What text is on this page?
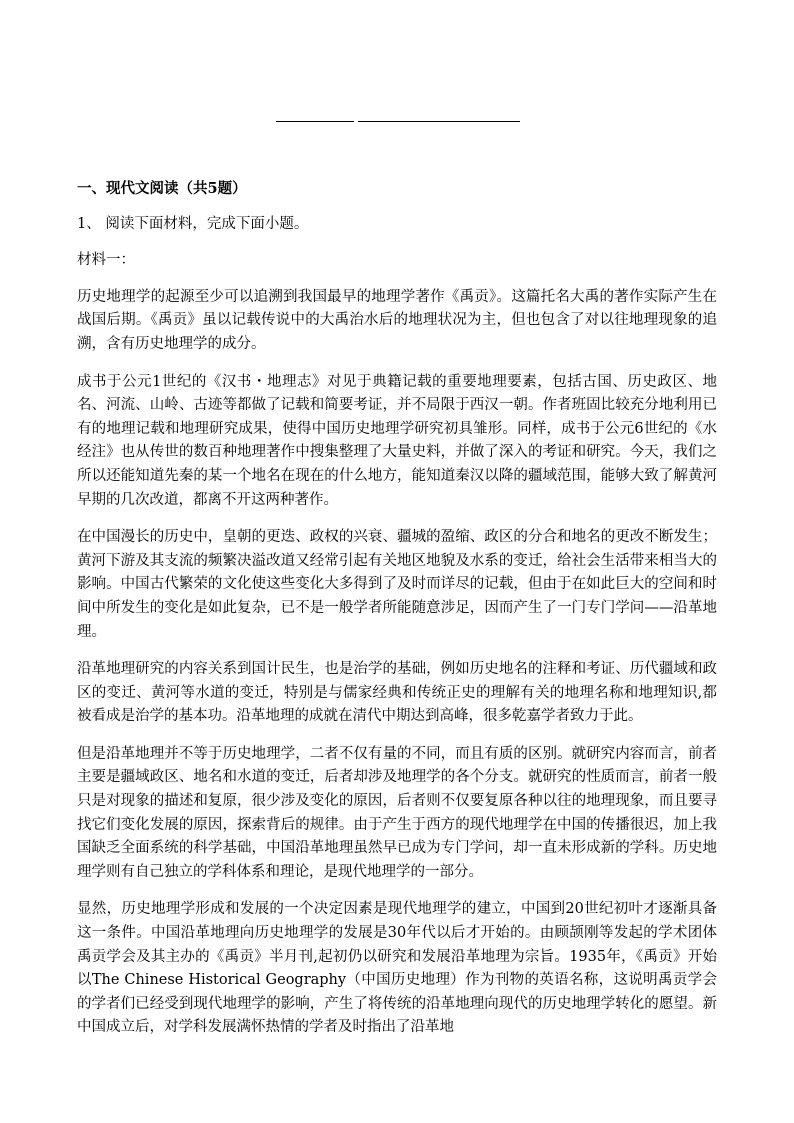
一、现代文阅读（共5题）

1、 阅读下面材料，完成下面小题。

材料一：

历史地理学的起源至少可以追溯到我国最早的地理学著作《禹贡》。这篇托名大禹的著作实际产生在战国后期。《禹贡》虽以记载传说中的大禹治水后的地理状况为主，但也包含了对以往地理现象的追溯，含有历史地理学的成分。

成书于公元1世纪的《汉书・地理志》对见于典籍记载的重要地理要素，包括古国、历史政区、地名、河流、山岭、古迹等都做了记载和简要考证，并不局限于西汉一朝。作者班固比较充分地利用已有的地理记载和地理研究成果，使得中国历史地理学研究初具雏形。同样，成书于公元6世纪的《水经注》也从传世的数百种地理著作中搜集整理了大量史料，并做了深入的考证和研究。今天，我们之所以还能知道先秦的某一个地名在现在的什么地方，能知道秦汉以降的疆域范围，能够大致了解黄河早期的几次改道，都离不开这两种著作。

在中国漫长的历史中，皇朝的更迭、政权的兴衰、疆城的盈缩、政区的分合和地名的更改不断发生；黄河下游及其支流的频繁决溢改道又经常引起有关地区地貌及水系的变迁，给社会生活带来相当大的影响。中国古代繁荣的文化使这些变化大多得到了及时而详尽的记载，但由于在如此巨大的空间和时间中所发生的变化是如此复杂，已不是一般学者所能随意涉足，因而产生了一门专门学问——沿革地理。

沿革地理研究的内容关系到国计民生，也是治学的基础，例如历史地名的注释和考证、历代疆域和政区的变迁、黄河等水道的变迁，特别是与儒家经典和传统正史的理解有关的地理名称和地理知识,都被看成是治学的基本功。沿革地理的成就在清代中期达到高峰，很多乾嘉学者致力于此。

但是沿革地理并不等于历史地理学，二者不仅有量的不同，而且有质的区别。就研究内容而言，前者主要是疆域政区、地名和水道的变迁，后者却涉及地理学的各个分支。就研究的性质而言，前者一般只是对现象的描述和复原，很少涉及变化的原因，后者则不仅要复原各种以往的地理现象，而且要寻找它们变化发展的原因，探索背后的规律。由于产生于西方的现代地理学在中国的传播很迟，加上我国缺乏全面系统的科学基础，中国沿革地理虽然早已成为专门学问，却一直未形成新的学科。历史地理学则有自己独立的学科体系和理论，是现代地理学的一部分。

显然，历史地理学形成和发展的一个决定因素是现代地理学的建立，中国到20世纪初叶才逐渐具备这一条件。中国沿革地理向历史地理学的发展是30年代以后才开始的。由顾颉刚等发起的学术团体禹贡学会及其主办的《禹贡》半月刊,起初仍以研究和发展沿革地理为宗旨。1935年，《禹贡》开始以The Chinese Historical Geography（中国历史地理）作为刊物的英语名称，这说明禹贡学会的学者们已经受到现代地理学的影响，产生了将传统的沿革地理向现代的历史地理学转化的愿望。新中国成立后，对学科发展满怀热情的学者及时指出了沿革地
